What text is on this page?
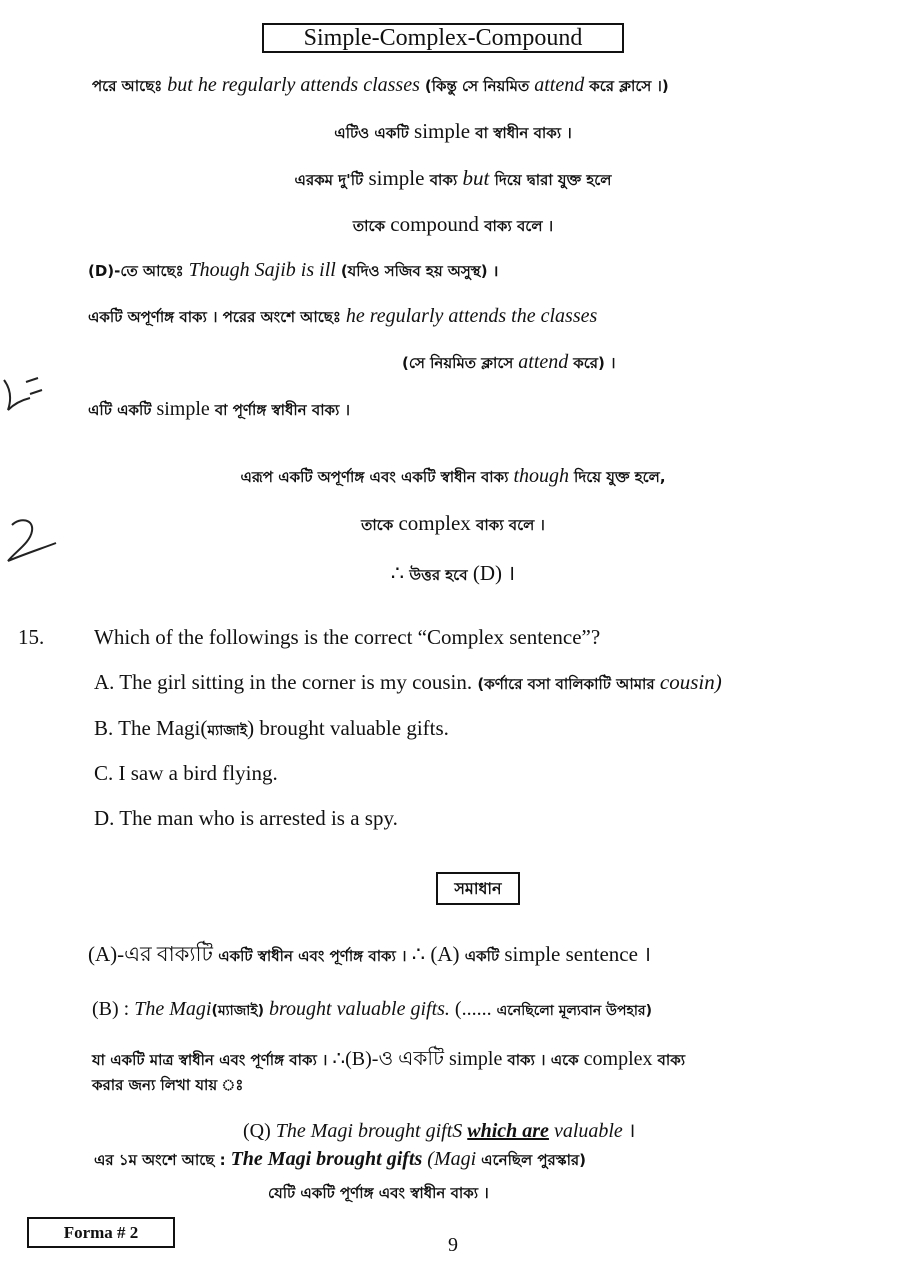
Simple-Complex-Compound
পরে আছেঃ but he regularly attends classes (কিন্তু সে নিয়মিত attend করে ক্লাসে ।)
এটিও একটি simple বা স্বাধীন বাক্য ।
এরকম দু'টি simple বাক্য but দিয়ে দ্বারা যুক্ত হলে
তাকে compound বাক্য বলে ।
(D)-তে আছেঃ Though Sajib is ill (যদিও সজিব হয় অসুস্থ) ।
একটি অপূর্ণাঙ্গ বাক্য । পরের অংশে আছেঃ he regularly attends the classes
(সে নিয়মিত ক্লাসে attend করে) ।
এটি একটি simple বা পূর্ণাঙ্গ স্বাধীন বাক্য ।
এরূপ একটি অপূর্ণাঙ্গ এবং একটি স্বাধীন বাক্য though দিয়ে যুক্ত হলে,
তাকে complex বাক্য বলে ।
∴ উত্তর হবে (D) ।
15. Which of the followings is the correct “Complex sentence”?
A. The girl sitting in the corner is my cousin. (কর্ণারে বসা বালিকাটি আমার cousin)
B. The Magi(ম্যাজাই) brought valuable gifts.
C. I saw a bird flying.
D. The man who is arrested is a spy.
সমাধান
(A)-এর বাক্যটি একটি স্বাধীন এবং পূর্ণাঙ্গ বাক্য । ∴ (A) একটি simple sentence ।
(B) : The Magi(ম্যাজাই) brought valuable gifts. (...... এনেছিলো মূল্যবান উপহার)
যা একটি মাত্র স্বাধীন এবং পূর্ণাঙ্গ বাক্য । ∴(B)-ও একটি simple বাক্য । একে complex বাক্য
করার জন্য লিখা যায় ঃ
(Q) The Magi brought giftS which are valuable ।
এর ১ম অংশে আছে : The Magi brought gifts (Magi এনেছিল পুরস্কার)
যেটি একটি পূর্ণাঙ্গ এবং স্বাধীন বাক্য ।
Forma # 2
9
